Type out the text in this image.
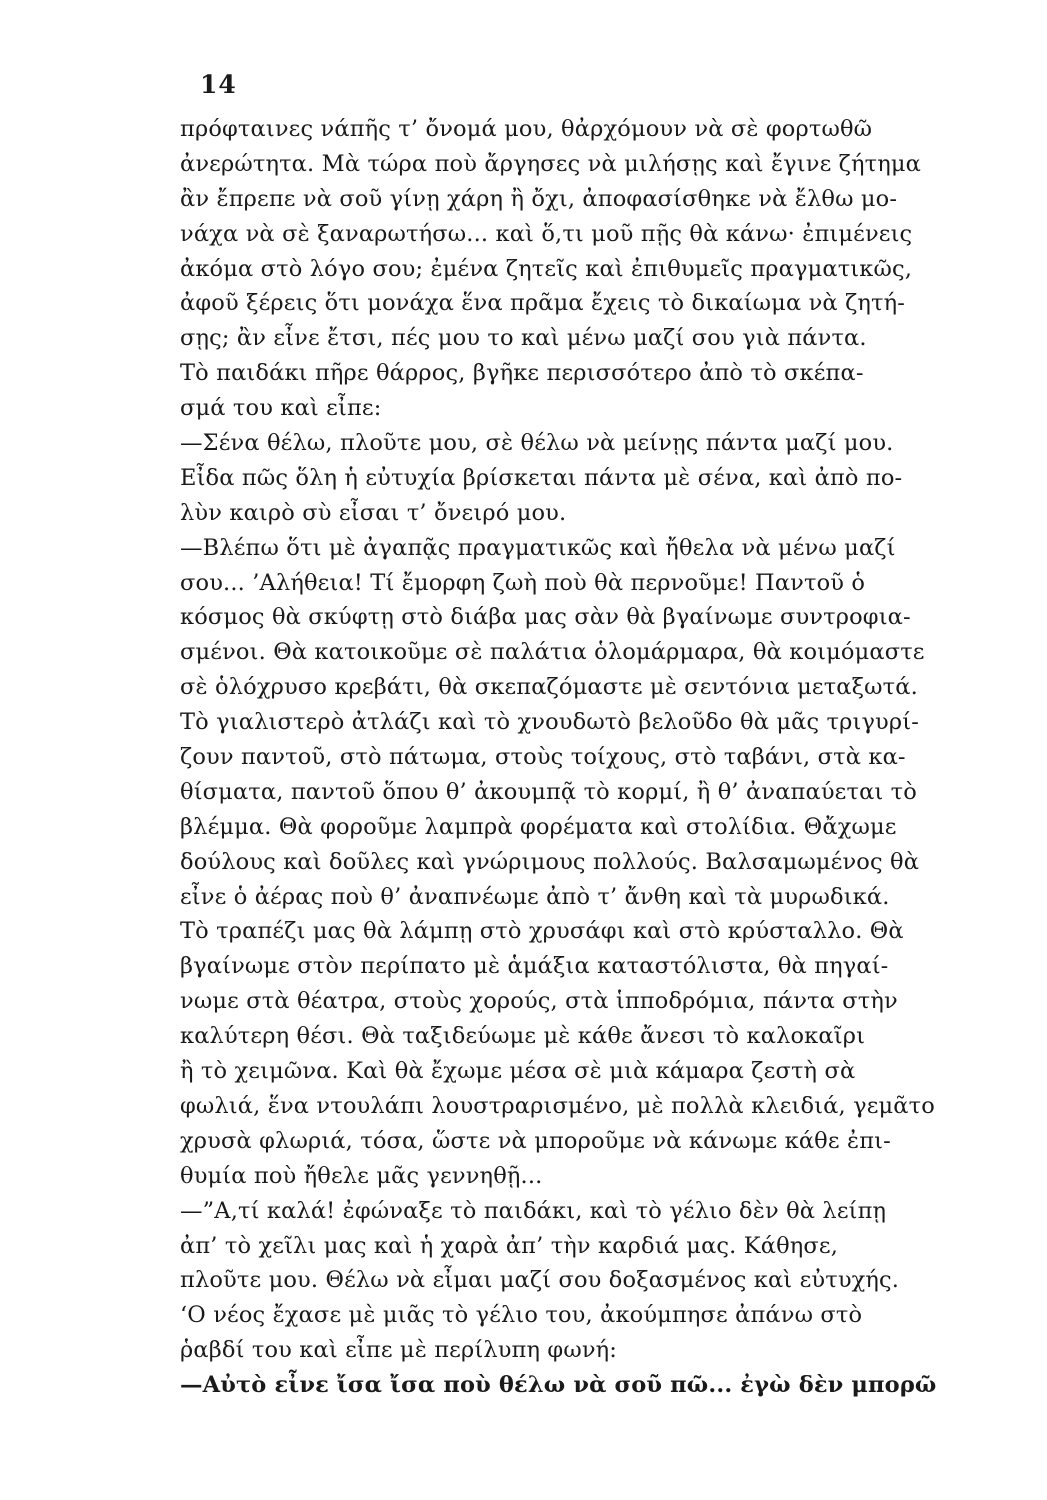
14
πρόφταινες νάπῆς τ’ ὄνομά μου, θἀρχόμουν νὰ σὲ φορτωθῶ
ἀνερώτητα. Μὰ τώρα ποὺ ἄργησες νὰ μιλήσῃς καὶ ἔγινε ζήτημα
ἂν ἔπρεπε νὰ σοῦ γίνῃ χάρη ἢ ὄχι, ἀποφασίσθηκε νὰ ἔλθω μο-
νάχα νὰ σὲ ξαναρωτήσω... καὶ ὅ,τι μοῦ πῇς θὰ κάνω· ἐπιμένεις
ἀκόμα στὸ λόγο σου; ἐμένα ζητεῖς καὶ ἐπιθυμεῖς πραγματικῶς,
ἀφοῦ ξέρεις ὅτι μονάχα ἕνα πρᾶμα ἔχεις τὸ δικαίωμα νὰ ζητή-
σῃς; ἂν εἶνε ἔτσι, πές μου το καὶ μένω μαζί σου γιὰ πάντα.
Τὸ παιδάκι πῆρε θάρρος, βγῆκε περισσότερο ἀπὸ τὸ σκέπα-
σμά του καὶ εἶπε:
—Σένα θέλω, πλοῦτε μου, σὲ θέλω νὰ μείνῃς πάντα μαζί μου.
Εἶδα πῶς ὅλη ἡ εὐτυχία βρίσκεται πάντα μὲ σένα, καὶ ἀπὸ πο-
λὺν καιρὸ σὺ εἶσαι τ’ ὄνειρό μου.
—Βλέπω ὅτι μὲ ἀγαπᾷς πραγματικῶς καὶ ἤθελα νὰ μένω μαζί
σου... ’Αλήθεια! Τί ἔμορφη ζωὴ ποὺ θὰ περνοῦμε! Παντοῦ ὁ
κόσμος θὰ σκύφτῃ στὸ διάβα μας σὰν θὰ βγαίνωμε συντροφια-
σμένοι. Θὰ κατοικοῦμε σὲ παλάτια ὁλομάρμαρα, θὰ κοιμόμαστε
σὲ ὁλόχρυσο κρεβάτι, θὰ σκεπαζόμαστε μὲ σεντόνια μεταξωτά.
Τὸ γιαλιστερὸ ἀτλάζι καὶ τὸ χνουδωτὸ βελοῦδο θὰ μᾶς τριγυρί-
ζουν παντοῦ, στὸ πάτωμα, στοὺς τοίχους, στὸ ταβάνι, στὰ κα-
θίσματα, παντοῦ ὅπου θ’ ἀκουμπᾷ τὸ κορμί, ἢ θ’ ἀναπαύεται τὸ
βλέμμα. Θὰ φοροῦμε λαμπρὰ φορέματα καὶ στολίδια. Θἄχωμε
δούλους καὶ δοῦλες καὶ γνώριμους πολλούς. Βαλσαμωμένος θὰ
εἶνε ὁ ἀέρας ποὺ θ’ ἀναπνέωμε ἀπὸ τ’ ἄνθη καὶ τὰ μυρωδικά.
Τὸ τραπέζι μας θὰ λάμπῃ στὸ χρυσάφι καὶ στὸ κρύσταλλο. Θὰ
βγαίνωμε στὸν περίπατο μὲ ἁμάξια καταστόλιστα, θὰ πηγαί-
νωμε στὰ θέατρα, στοὺς χορούς, στὰ ἱπποδρόμια, πάντα στὴν
καλύτερη θέσι. Θὰ ταξιδεύωμε μὲ κάθε ἄνεσι τὸ καλοκαῖρι
ἢ τὸ χειμῶνα. Καὶ θὰ ἔχωμε μέσα σὲ μιὰ κάμαρα ζεστὴ σὰ
φωλιά, ἕνα ντουλάπι λουστραρισμένο, μὲ πολλὰ κλειδιά, γεμᾶτο
χρυσὰ φλωριά, τόσα, ὥστε νὰ μποροῦμε νὰ κάνωμε κάθε ἐπι-
θυμία ποὺ ἤθελε μᾶς γεννηθῇ...
—”Α,τί καλά! ἐφώναξε τὸ παιδάκι, καὶ τὸ γέλιο δὲν θὰ λείπῃ
ἀπ’ τὸ χεῖλι μας καὶ ἡ χαρὰ ἀπ’ τὴν καρδιά μας. Κάθησε,
πλοῦτε μου. Θέλω νὰ εἶμαι μαζί σου δοξασμένος καὶ εὐτυχής.
‘Ο νέος ἔχασε μὲ μιᾶς τὸ γέλιο του, ἀκούμπησε ἀπάνω στὸ
ῥαβδί του καὶ εἶπε μὲ περίλυπη φωνή:
—Αὐτὸ εἶνε ἴσα ἴσα ποὺ θέλω νὰ σοῦ πῶ... ἐγὼ δὲν μπορῶ
